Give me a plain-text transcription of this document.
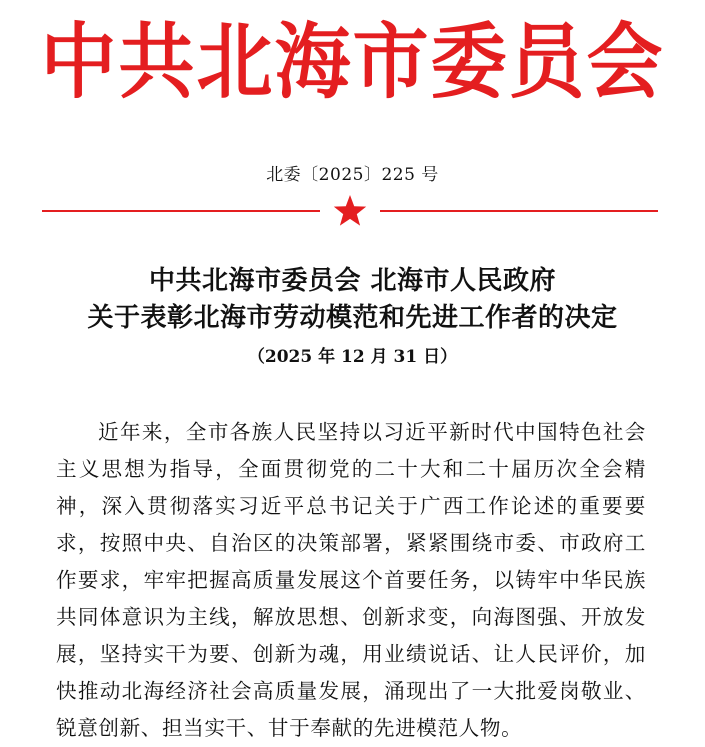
中共北海市委员会
北委〔2025〕225 号
中共北海市委员会 北海市人民政府
关于表彰北海市劳动模范和先进工作者的决定
（2025 年 12 月 31 日）

近年来，全市各族人民坚持以习近平新时代中国特色社会主义思想为指导，全面贯彻党的二十大和二十届历次全会精神，深入贯彻落实习近平总书记关于广西工作论述的重要要求，按照中央、自治区的决策部署，紧紧围绕市委、市政府工作要求，牢牢把握高质量发展这个首要任务，以铸牢中华民族共同体意识为主线，解放思想、创新求变，向海图强、开放发展，坚持实干为要、创新为魂，用业绩说话、让人民评价，加快推动北海经济社会高质量发展，涌现出了一大批爱岗敬业、锐意创新、担当实干、甘于奉献的先进模范人物。
